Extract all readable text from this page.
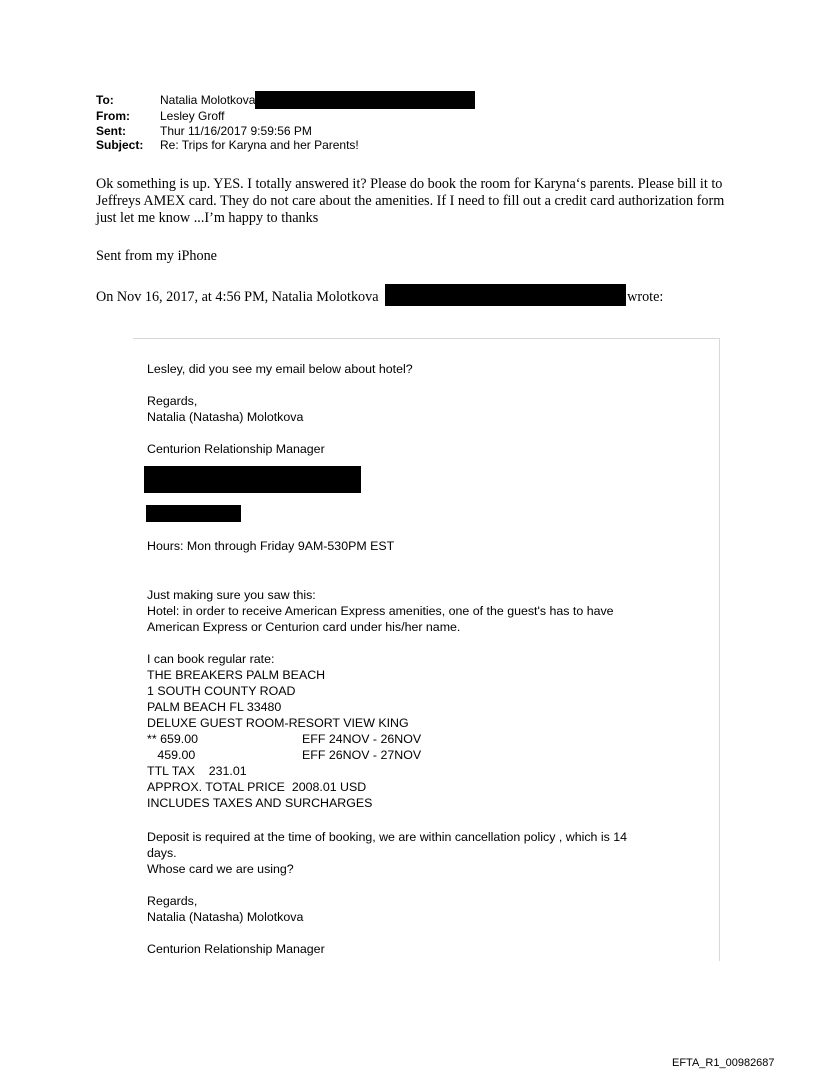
To:	Natalia Molotkova
From:	Lesley Groff
Sent:	Thur 11/16/2017 9:59:56 PM
Subject:	Re: Trips for Karyna and her Parents!

Ok something is up. YES. I totally answered it? Please do book the room for Karyna‘s parents. Please bill it to Jeffreys AMEX card. They do not care about the amenities. If I need to fill out a credit card authorization form just let me know ...I’m happy to thanks

Sent from my iPhone
On Nov 16, 2017, at 4:56 PM, Natalia Molotkova	wrote:
Lesley, did you see my email below about hotel?
Regards,
Natalia (Natasha) Molotkova
Centurion Relationship Manager
Hours: Mon through Friday 9AM-530PM EST
Just making sure you saw this:
Hotel: in order to receive American Express amenities, one of the guest's has to have
American Express or Centurion card under his/her name.
I can book regular rate:
THE BREAKERS PALM BEACH
1 SOUTH COUNTY ROAD
PALM BEACH FL 33480
DELUXE GUEST ROOM-RESORT VIEW KING
** 659.00	EFF 24NOV - 26NOV
459.00	EFF 26NOV - 27NOV
TTL TAX    231.01
APPROX. TOTAL PRICE  2008.01 USD
INCLUDES TAXES AND SURCHARGES
Deposit is required at the time of booking, we are within cancellation policy , which is 14
days.
Whose card we are using?
Regards,
Natalia (Natasha) Molotkova
Centurion Relationship Manager
EFTA_R1_00982687
